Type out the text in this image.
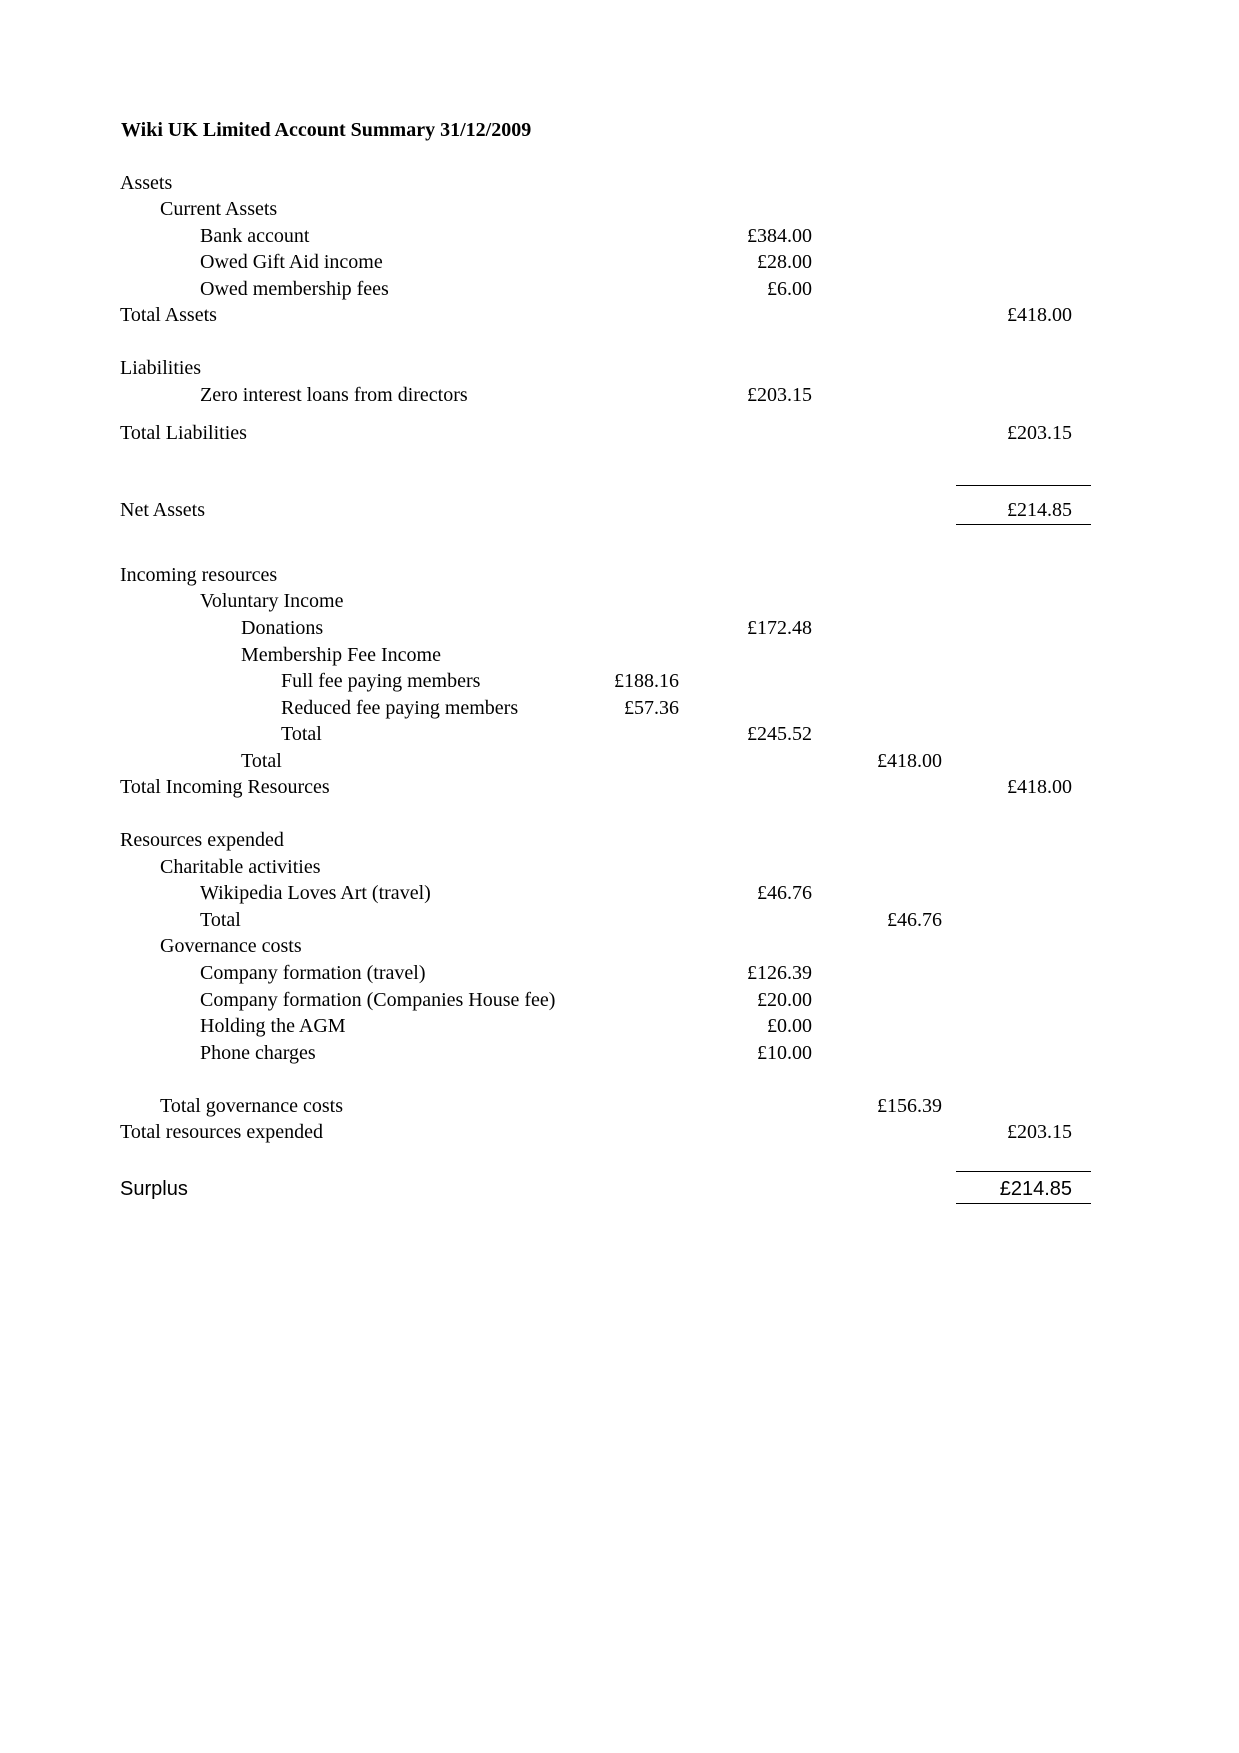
Wiki UK Limited Account Summary 31/12/2009
Assets
Current Assets
Bank account	£384.00
Owed Gift Aid income	£28.00
Owed membership fees	£6.00
Total Assets	£418.00
Liabilities
Zero interest loans from directors	£203.15
Total Liabilities	£203.15
Net Assets	£214.85
Incoming resources
Voluntary Income
Donations	£172.48
Membership Fee Income
Full fee paying members	£188.16
Reduced fee paying members	£57.36
Total	£245.52
Total	£418.00
Total Incoming Resources	£418.00
Resources expended
Charitable activities
Wikipedia Loves Art (travel)	£46.76
Total	£46.76
Governance costs
Company formation (travel)	£126.39
Company formation (Companies House fee)	£20.00
Holding the AGM	£0.00
Phone charges	£10.00
Total governance costs	£156.39
Total resources expended	£203.15
Surplus	£214.85
